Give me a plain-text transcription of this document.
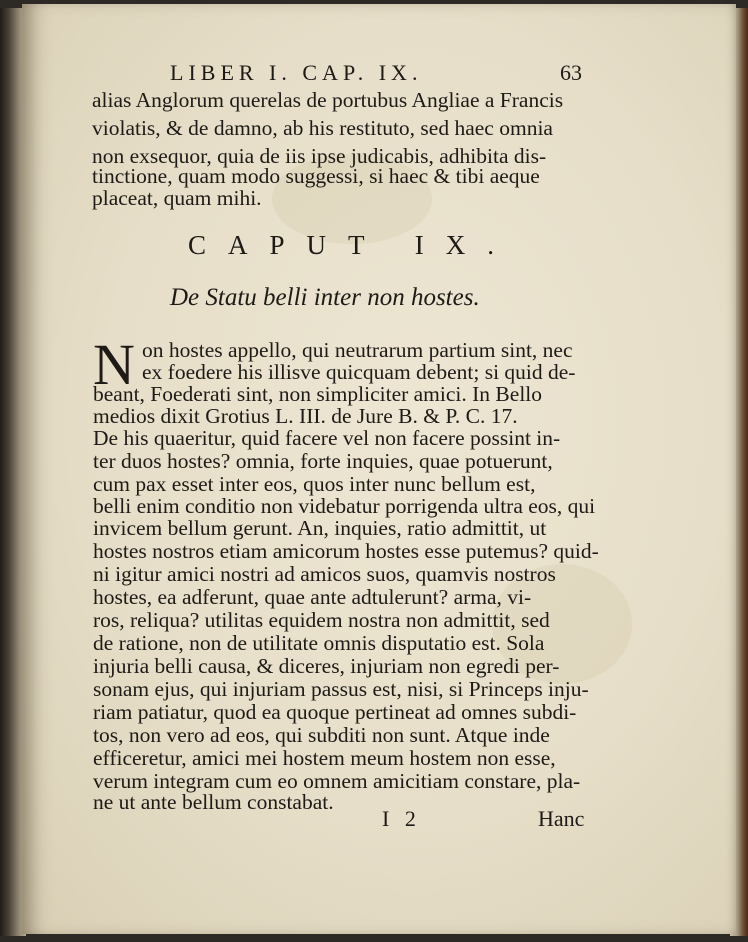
LIBER I. CAP. IX.	63
alias Anglorum querelas de portubus Angliae a Francis
violatis, & de damno, ab his restituto, sed haec omnia
non exsequor, quia de iis ipse judicabis, adhibita dis-
tinctione, quam modo suggessi, si haec & tibi aeque
placeat, quam mihi.
CAPUT IX.
De Statu belli inter non hostes.
N on hostes appello, qui neutrarum partium sint, nec
ex foedere his illisve quicquam debent; si quid de-
beant, Foederati sint, non simpliciter amici. In Bello
medios dixit Grotius L. III. de Jure B. & P. C. 17.
De his quaeritur, quid facere vel non facere possint in-
ter duos hostes? omnia, forte inquies, quae potuerunt,
cum pax esset inter eos, quos inter nunc bellum est,
belli enim conditio non videbatur porrigenda ultra eos, qui
invicem bellum gerunt. An, inquies, ratio admittit, ut
hostes nostros etiam amicorum hostes esse putemus? quid-
ni igitur amici nostri ad amicos suos, quamvis nostros
hostes, ea adferunt, quae ante adtulerunt? arma, vi-
ros, reliqua? utilitas equidem nostra non admittit, sed
de ratione, non de utilitate omnis disputatio est. Sola
injuria belli causa, & diceres, injuriam non egredi per-
sonam ejus, qui injuriam passus est, nisi, si Princeps inju-
riam patiatur, quod ea quoque pertineat ad omnes subdi-
tos, non vero ad eos, qui subditi non sunt. Atque inde
efficeretur, amici mei hostem meum hostem non esse,
verum integram cum eo omnem amicitiam constare, pla-
ne ut ante bellum constabat.
I 2	Hanc
